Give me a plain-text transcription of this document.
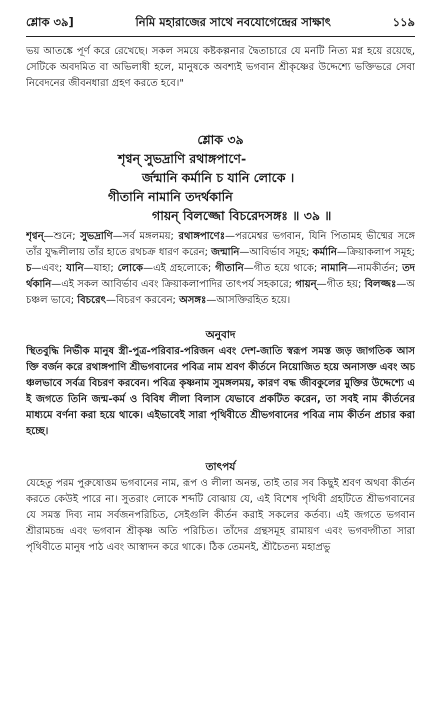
শ্লোক ৩৯]	নিমি মহারাজের সাথে নবযোগেন্দ্রের সাক্ষাৎ	১১৯

ভয় আতঙ্কে পূর্ণ করে রেখেছে। সকল সময়ে কষ্টকল্পনার দ্বৈতাচারে যে মনটি নিত্য মগ্ন হয়ে রয়েছে, সেটিকে অবদমিত বা অভিলাষী হলে, মানুষকে অবশ্যই ভগবান শ্রীকৃষ্ণের উদ্দেশ্যে ভক্তিভরে সেবা নিবেদনের জীবনধারা গ্রহণ করতে হবে।"

শ্লোক ৩৯
শৃণ্বন্ সুভদ্রাণি রথাঙ্গপাণে-
র্জন্মানি কর্মানি চ যানি লোকে ।
গীতানি নামানি তদর্থকানি
গায়ন্ বিলজ্জো বিচরেদসঙ্গঃ ॥ ৩৯ ॥

শৃণ্বন্—শুনে; সুভদ্রাণি—সর্ব মঙ্গলময়; রথাঙ্গপাণেঃ—পরমেশ্বর ভগবান, যিনি পিতামহ ভীষ্মের সঙ্গে তাঁর যুদ্ধলীলায় তাঁর হাতে রথচক্র ধারণ করেন; জন্মানি—আবির্ভাব সমূহ; কর্মানি—ক্রিয়াকলাপ সমূহ; চ—এবং; যানি—যাহা; লোকে—এই গ্রহলোকে; গীতানি—গীত হয়ে থাকে; নামানি—নামকীর্তন; তদর্থকানি—এই সকল আবির্ভাব এবং ক্রিয়াকলাপাদির তাৎপর্য সহকারে; গায়ন্—গীত হয়; বিলজ্জঃ—অচঞ্চল ভাবে; বিচরেৎ—বিচরণ করবেন; অসঙ্গঃ—আসক্তিরহিত হয়ে।

অনুবাদ

স্থিতবুদ্ধি নির্ভীক মানুষ স্ত্রী-পুত্র-পরিবার-পরিজন এবং দেশ-জাতি স্বরূপ সমস্ত জড় জাগতিক আসক্তি বর্জন করে রথাঙ্গপাণি শ্রীভগবানের পবিত্র নাম শ্রবণ কীর্তনে নিয়োজিত হয়ে অনাসক্ত এবং অচঞ্চলভাবে সর্বত্র বিচরণ করবেন। পবিত্র কৃষ্ণনাম সুমঙ্গলময়, কারণ বদ্ধ জীবকুলের মুক্তির উদ্দেশ্যে এই জগতে তিনি জন্ম-কর্ম ও বিবিধ লীলা বিলাস যেভাবে প্রকটিত করেন, তা সবই নাম কীর্তনের মাধ্যমে বর্ণনা করা হয়ে থাকে। এইভাবেই সারা পৃথিবীতে শ্রীভগবানের পবিত্র নাম কীর্তন প্রচার করা হচ্ছে।

তাৎপর্য

যেহেতু পরম পুরুষোত্তম ভগবানের নাম, রূপ ও লীলা অনন্ত, তাই তার সব কিছুই শ্রবণ অথবা কীর্তন করতে কেউই পারে না। সুতরাং লোকে শব্দটি বোঝায় যে, এই বিশেষ পৃথিবী গ্রহটিতে শ্রীভগবানের যে সমস্ত দিব্য নাম সর্বজনপরিচিত, সেইগুলি কীর্তন করাই সকলের কর্তব্য। এই জগতে ভগবান শ্রীরামচন্দ্র এবং ভগবান শ্রীকৃষ্ণ অতি পরিচিত। তাঁদের গ্রন্থসমূহ রামায়ণ এবং ভগবদ্গীতা সারা পৃথিবীতে মানুষ পাঠ এবং আস্বাদন করে থাকে। ঠিক তেমনই, শ্রীচৈতন্য মহাপ্রভু
